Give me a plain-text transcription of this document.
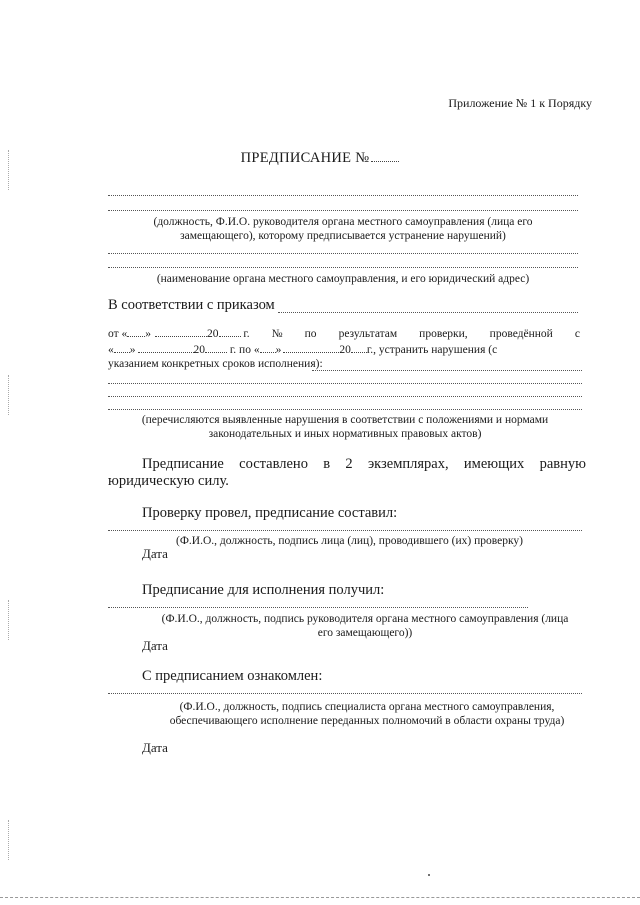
Приложение № 1 к Порядку
ПРЕДПИСАНИЕ №
(должность, Ф.И.О. руководителя органа местного самоуправления (лица его
замещающего), которому предписывается устранение нарушений)
(наименование органа местного самоуправления, и его юридический адрес)
В соответствии с приказом
от « »	20 г. № по результатам проверки, проведённой с
« »	20 г. по « »	20 г., устранить нарушения (с
указанием конкретных сроков исполнения):
(перечисляются выявленные нарушения в соответствии с положениями и нормами
законодательных и иных нормативных правовых актов)
Предписание составлено в 2 экземплярах, имеющих равную
юридическую силу.
Проверку провел, предписание составил:
(Ф.И.О., должность, подпись лица (лиц), проводившего (их) проверку)
Дата
Предписание для исполнения получил:
(Ф.И.О., должность, подпись руководителя органа местного самоуправления (лица
его замещающего))
Дата
С предписанием ознакомлен:
(Ф.И.О., должность, подпись специалиста органа местного самоуправления,
обеспечивающего исполнение переданных полномочий в области охраны труда)
Дата
